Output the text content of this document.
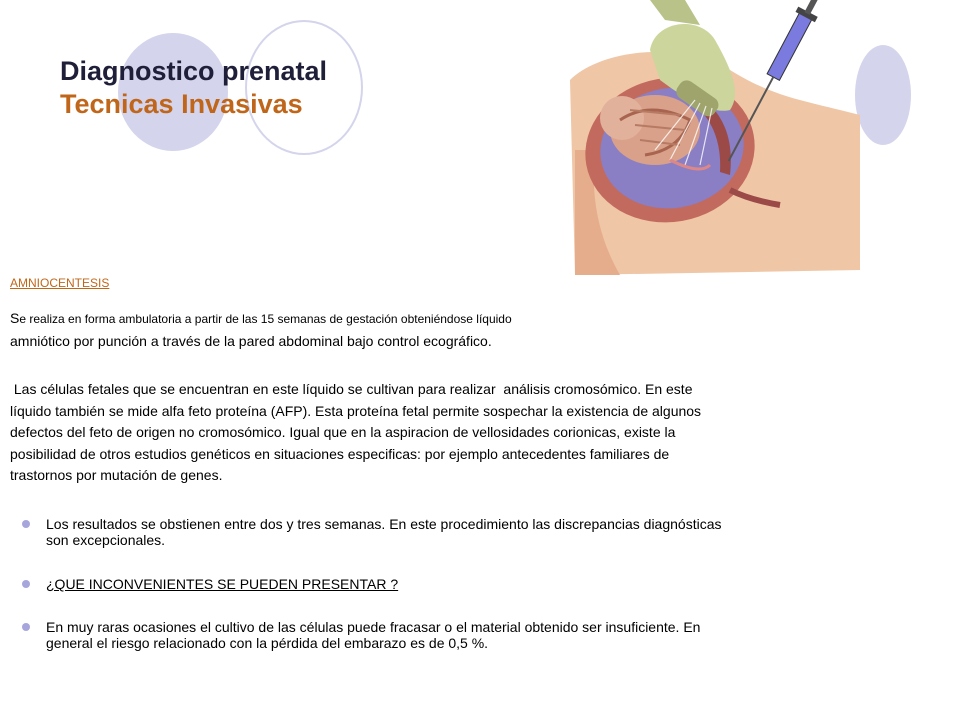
Diagnostico prenatal
Tecnicas Invasivas
AMNIOCENTESIS
Se realiza en forma ambulatoria a partir de las 15 semanas de gestación obteniéndose líquido
amniótico por punción a través de la pared abdominal bajo control ecográfico.
Las células fetales que se encuentran en este líquido se cultivan para realizar  análisis cromosómico. En este
líquido también se mide alfa feto proteína (AFP). Esta proteína fetal permite sospechar la existencia de algunos
defectos del feto de origen no cromosómico. Igual que en la aspiracion de vellosidades corionicas, existe la
posibilidad de otros estudios genéticos en situaciones especificas: por ejemplo antecedentes familiares de
trastornos por mutación de genes.
Los resultados se obstienen entre dos y tres semanas. En este procedimiento las discrepancias diagnósticas
son excepcionales.
¿QUE INCONVENIENTES SE PUEDEN PRESENTAR ?
En muy raras ocasiones el cultivo de las células puede fracasar o el material obtenido ser insuficiente. En
general el riesgo relacionado con la pérdida del embarazo es de 0,5 %.
